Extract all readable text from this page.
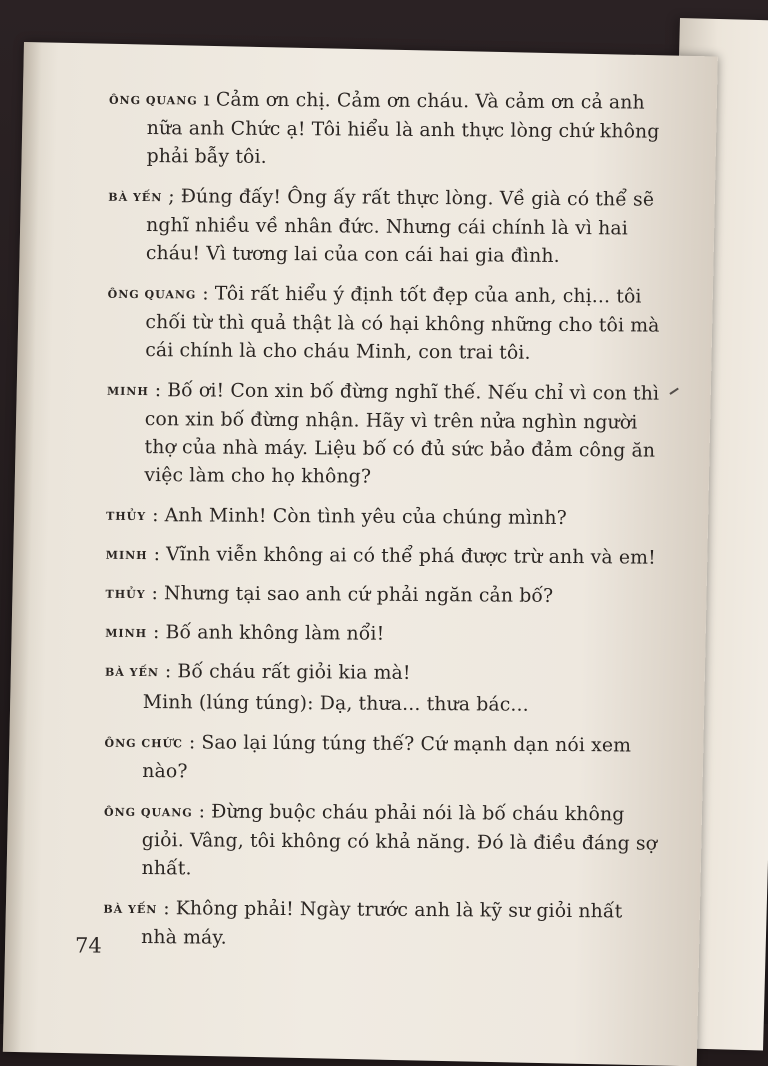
ÔNG QUANG ı Cảm ơn chị. Cảm ơn cháu. Và cảm ơn cả anh nữa anh Chức ạ! Tôi hiểu là anh thực lòng chứ không phải bẫy tôi.
BÀ YẾN ; Đúng đấy! Ông ấy rất thực lòng. Về già có thể sẽ nghĩ nhiều về nhân đức. Nhưng cái chính là vì hai cháu! Vì tương lai của con cái hai gia đình.
ÔNG QUANG : Tôi rất hiểu ý định tốt đẹp của anh, chị... tôi chối từ thì quả thật là có hại không những cho tôi mà cái chính là cho cháu Minh, con trai tôi.
MINH : Bố ơi! Con xin bố đừng nghĩ thế. Nếu chỉ vì con thì con xin bố đừng nhận. Hãy vì trên nửa nghìn người thợ của nhà máy. Liệu bố có đủ sức bảo đảm công ăn việc làm cho họ không?
THỦY : Anh Minh! Còn tình yêu của chúng mình?
MINH : Vĩnh viễn không ai có thể phá được trừ anh và em!
THỦY : Nhưng tại sao anh cứ phải ngăn cản bố?
MINH : Bố anh không làm nổi!
BÀ YẾN : Bố cháu rất giỏi kia mà!
Minh (lúng túng): Dạ, thưa... thưa bác...
ÔNG CHỨC : Sao lại lúng túng thế? Cứ mạnh dạn nói xem nào?
ÔNG QUANG : Đừng buộc cháu phải nói là bố cháu không giỏi. Vâng, tôi không có khả năng. Đó là điều đáng sợ nhất.
BÀ YẾN : Không phải! Ngày trước anh là kỹ sư giỏi nhất nhà máy.
74
